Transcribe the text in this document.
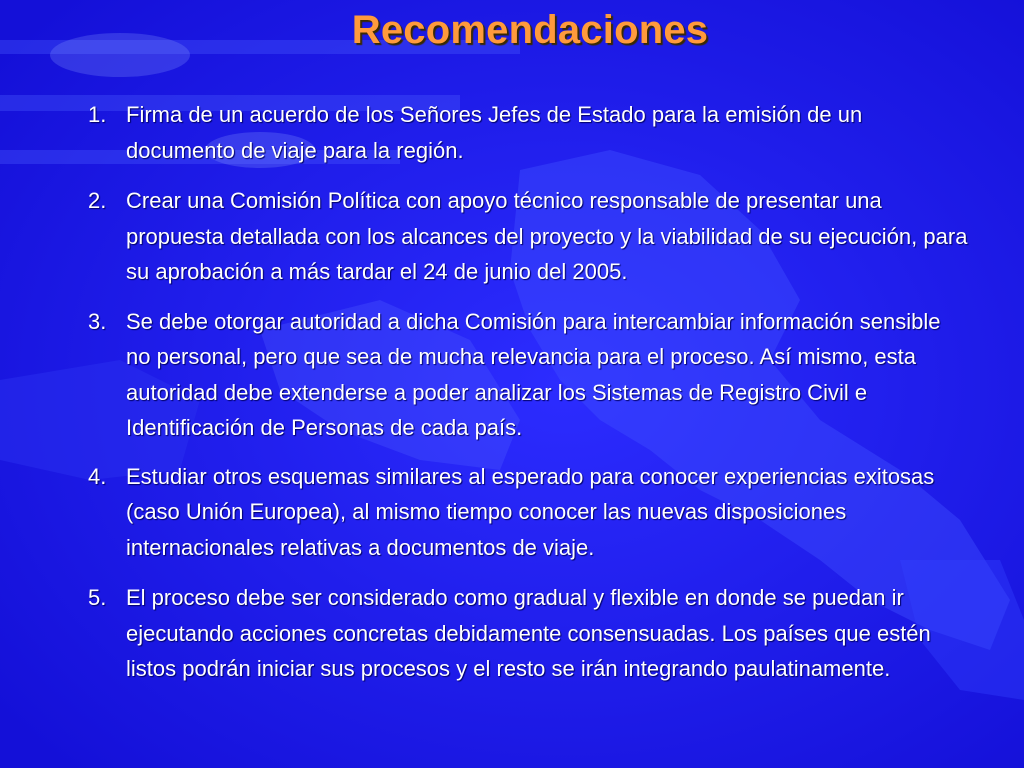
Recomendaciones
1. Firma de un acuerdo de los Señores Jefes de Estado para la emisión de un documento de viaje para la región.
2. Crear una Comisión Política con apoyo técnico responsable de presentar una propuesta detallada con los alcances del proyecto y la viabilidad de su ejecución, para su aprobación a más tardar el 24 de junio del 2005.
3. Se debe otorgar autoridad a dicha Comisión para intercambiar información sensible no personal, pero que sea de mucha relevancia para el proceso. Así mismo, esta autoridad debe extenderse a poder analizar los Sistemas de Registro Civil e Identificación de Personas de cada país.
4. Estudiar otros esquemas similares al esperado para conocer experiencias exitosas (caso Unión Europea), al mismo tiempo conocer las nuevas disposiciones internacionales relativas a documentos de viaje.
5. El proceso debe ser considerado como gradual y flexible en donde se puedan ir ejecutando acciones concretas debidamente consensuadas. Los países que estén listos podrán iniciar sus procesos y el resto se irán integrando paulatinamente.
